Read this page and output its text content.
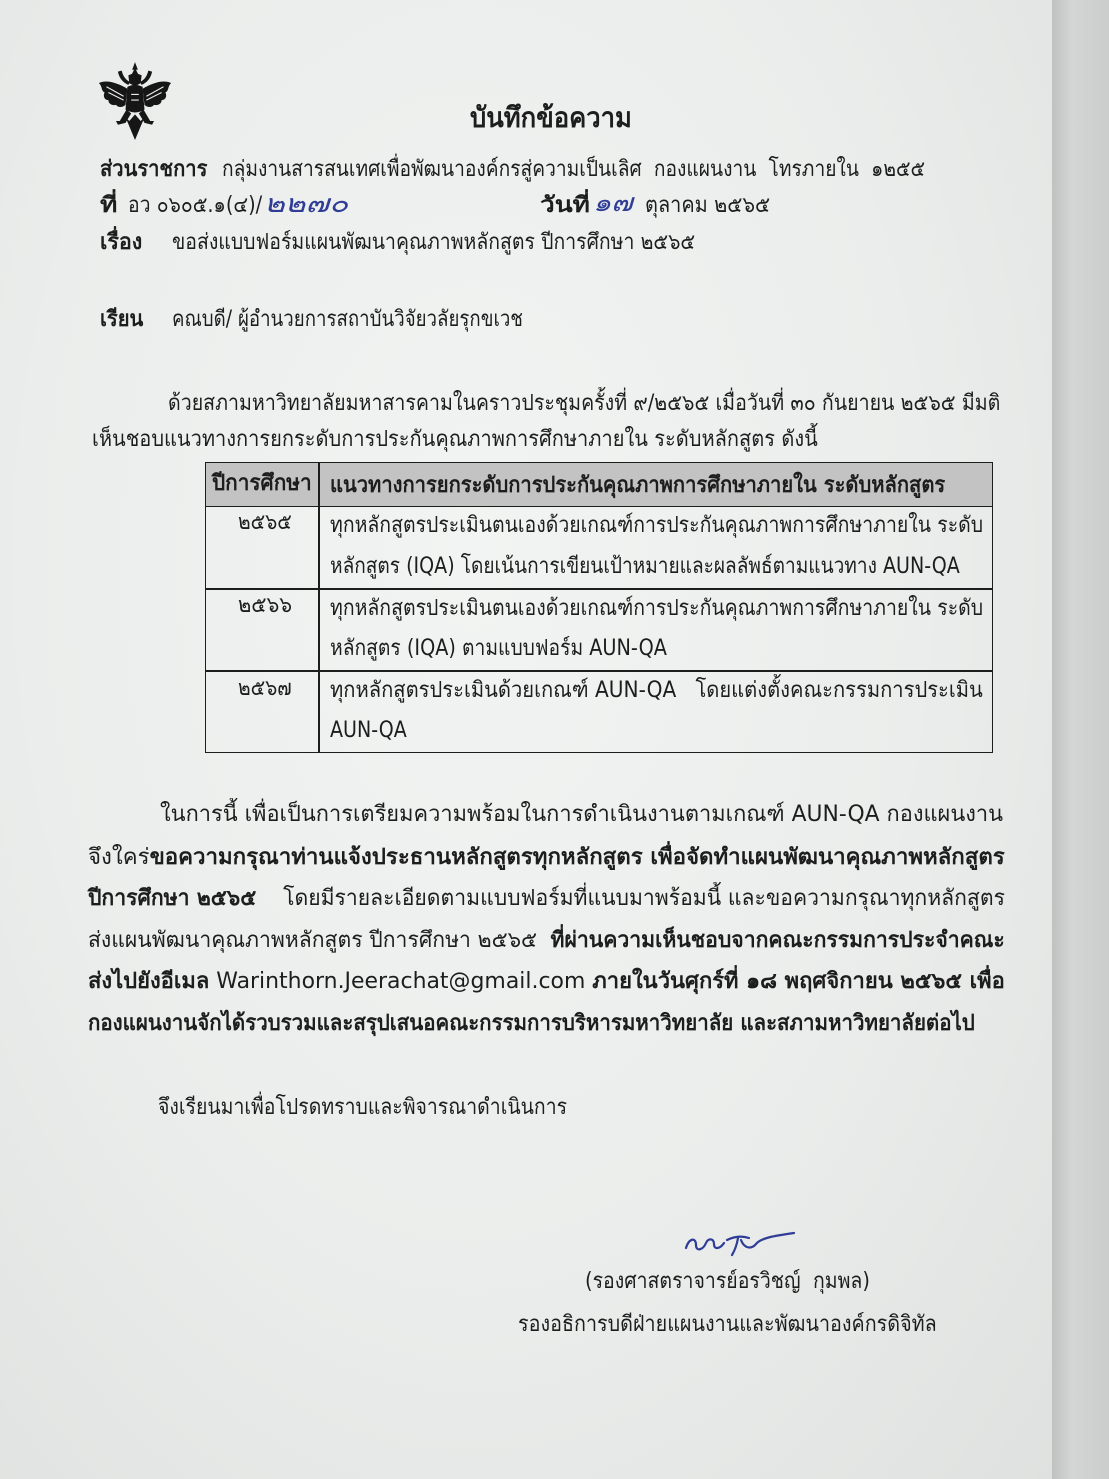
บันทึกข้อความ
ส่วนราชการ กลุ่มงานสารสนเทศเพื่อพัฒนาองค์กรสู่ความเป็นเลิศ  กองแผนงาน  โทรภายใน  ๑๒๕๕
ที่ อว ๐๖๐๕.๑(๔)/ ๒๒๗๐	วันที่ ๑๗ ตุลาคม ๒๕๖๕
เรื่อง ขอส่งแบบฟอร์มแผนพัฒนาคุณภาพหลักสูตร ปีการศึกษา ๒๕๖๕
เรียน คณบดี/ ผู้อำนวยการสถาบันวิจัยวลัยรุกขเวช
ด้วยสภามหาวิทยาลัยมหาสารคามในคราวประชุมครั้งที่ ๙/๒๕๖๕ เมื่อวันที่ ๓๐ กันยายน ๒๕๖๕ มีมติ
เห็นชอบแนวทางการยกระดับการประกันคุณภาพการศึกษาภายใน ระดับหลักสูตร ดังนี้
ปีการศึกษา แนวทางการยกระดับการประกันคุณภาพการศึกษาภายใน ระดับหลักสูตร
๒๕๖๕ ทุกหลักสูตรประเมินตนเองด้วยเกณฑ์การประกันคุณภาพการศึกษาภายใน ระดับ
หลักสูตร (IQA) โดยเน้นการเขียนเป้าหมายและผลลัพธ์ตามแนวทาง AUN-QA
๒๕๖๖ ทุกหลักสูตรประเมินตนเองด้วยเกณฑ์การประกันคุณภาพการศึกษาภายใน ระดับ
หลักสูตร (IQA) ตามแบบฟอร์ม AUN-QA
๒๕๖๗ ทุกหลักสูตรประเมินด้วยเกณฑ์ AUN-QA   โดยแต่งตั้งคณะกรรมการประเมิน
AUN-QA
ในการนี้ เพื่อเป็นการเตรียมความพร้อมในการดำเนินงานตามเกณฑ์ AUN-QA กองแผนงาน
จึงใคร่ขอความกรุณาท่านแจ้งประธานหลักสูตรทุกหลักสูตร เพื่อจัดทำแผนพัฒนาคุณภาพหลักสูตร
ปีการศึกษา ๒๕๖๕    โดยมีรายละเอียดตามแบบฟอร์มที่แนบมาพร้อมนี้ และขอความกรุณาทุกหลักสูตร
ส่งแผนพัฒนาคุณภาพหลักสูตร ปีการศึกษา ๒๕๖๕  ที่ผ่านความเห็นชอบจากคณะกรรมการประจำคณะ
ส่งไปยังอีเมล Warinthorn.Jeerachat@gmail.com ภายในวันศุกร์ที่ ๑๘ พฤศจิกายน ๒๕๖๕ เพื่อ
กองแผนงานจักได้รวบรวมและสรุปเสนอคณะกรรมการบริหารมหาวิทยาลัย และสภามหาวิทยาลัยต่อไป
จึงเรียนมาเพื่อโปรดทราบและพิจารณาดำเนินการ
(รองศาสตราจารย์อรวิชญ์  กุมพล)
รองอธิการบดีฝ่ายแผนงานและพัฒนาองค์กรดิจิทัล
